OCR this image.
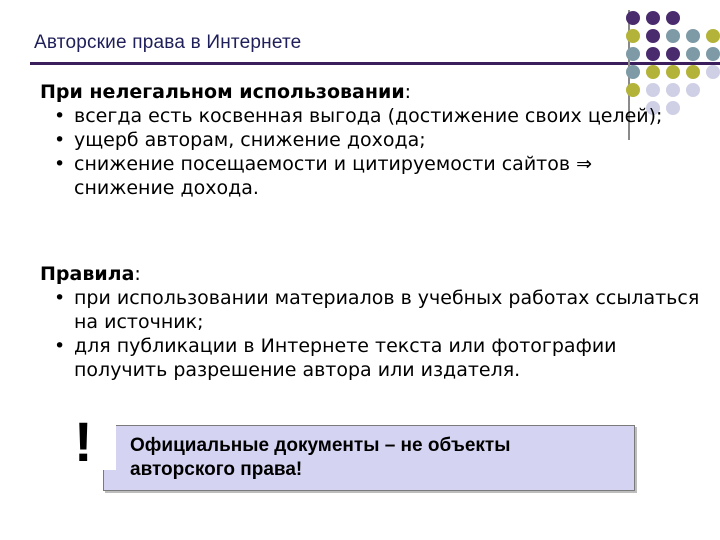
Авторские права в Интернете

При нелегальном использовании:

• всегда есть косвенная выгода (достижение своих целей);
• ущерб авторам, снижение дохода;
• снижение посещаемости и цитируемости сайтов ⇒ снижение дохода.

Правила:

• при использовании материалов в учебных работах ссылаться на источник;
• для публикации в Интернете текста или фотографии получить разрешение автора или издателя.
! Официальные документы – не объекты авторского права!
